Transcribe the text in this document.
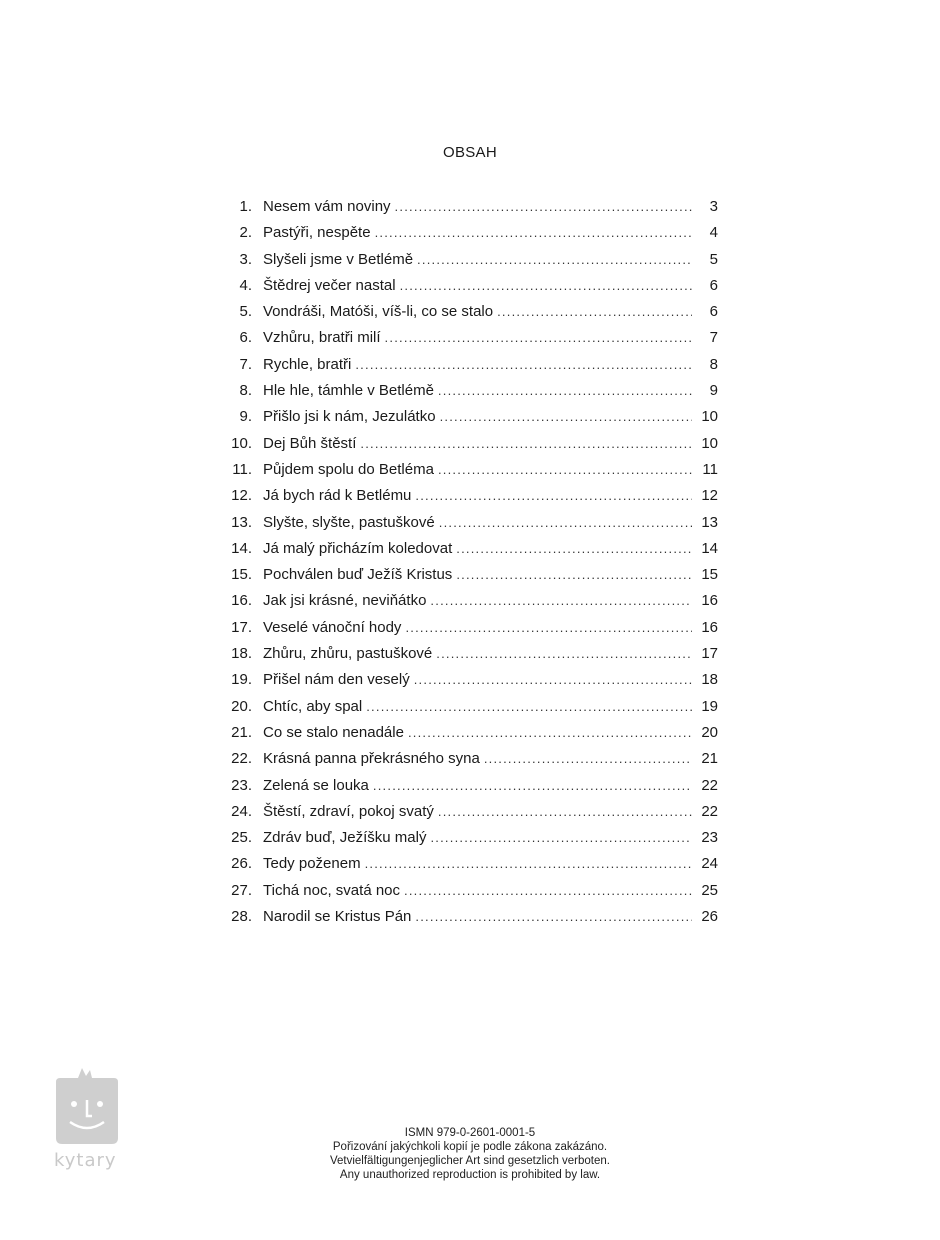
OBSAH
1. Nesem vám noviny . . .	3
2. Pastýři, nespěte . . .	4
3. Slyšeli jsme v Betlémě . . .	5
4. Štědrej večer nastal . . .	6
5. Vondráši, Matóši, víš-li, co se stalo . . .	6
6. Vzhůru, bratři milí . . .	7
7. Rychle, bratři . . .	8
8. Hle hle, támhle v Betlémě . . .	9
9. Přišlo jsi k nám, Jezulátko . . .	10
10. Dej Bůh štěstí . . .	10
11. Půjdem spolu do Betléma . . .	11
12. Já bych rád k Betlému . . .	12
13. Slyšte, slyšte, pastuškové . . .	13
14. Já malý přicházím koledovat . . .	14
15. Pochválen buď Ježíš Kristus . . .	15
16. Jak jsi krásné, neviňátko . . .	16
17. Veselé vánoční hody . . .	16
18. Zhůru, zhůru, pastuškové . . .	17
19. Přišel nám den veselý . . .	18
20. Chtíc, aby spal . . .	19
21. Co se stalo nenadále . . .	20
22. Krásná panna překrásného syna . . .	21
23. Zelená se louka . . .	22
24. Štěstí, zdraví, pokoj svatý . . .	22
25. Zdráv buď, Ježíšku malý . . .	23
26. Tedy poženem . . .	24
27. Tichá noc, svatá noc . . .	25
28. Narodil se Kristus Pán . . .	26
kytary
ISMN 979-0-2601-0001-5
Pořizování jakýchkoli kopií je podle zákona zakázáno.
Vetvielfältigungenjeglicher Art sind gesetzlich verboten.
Any unauthorized reproduction is prohibited by law.
